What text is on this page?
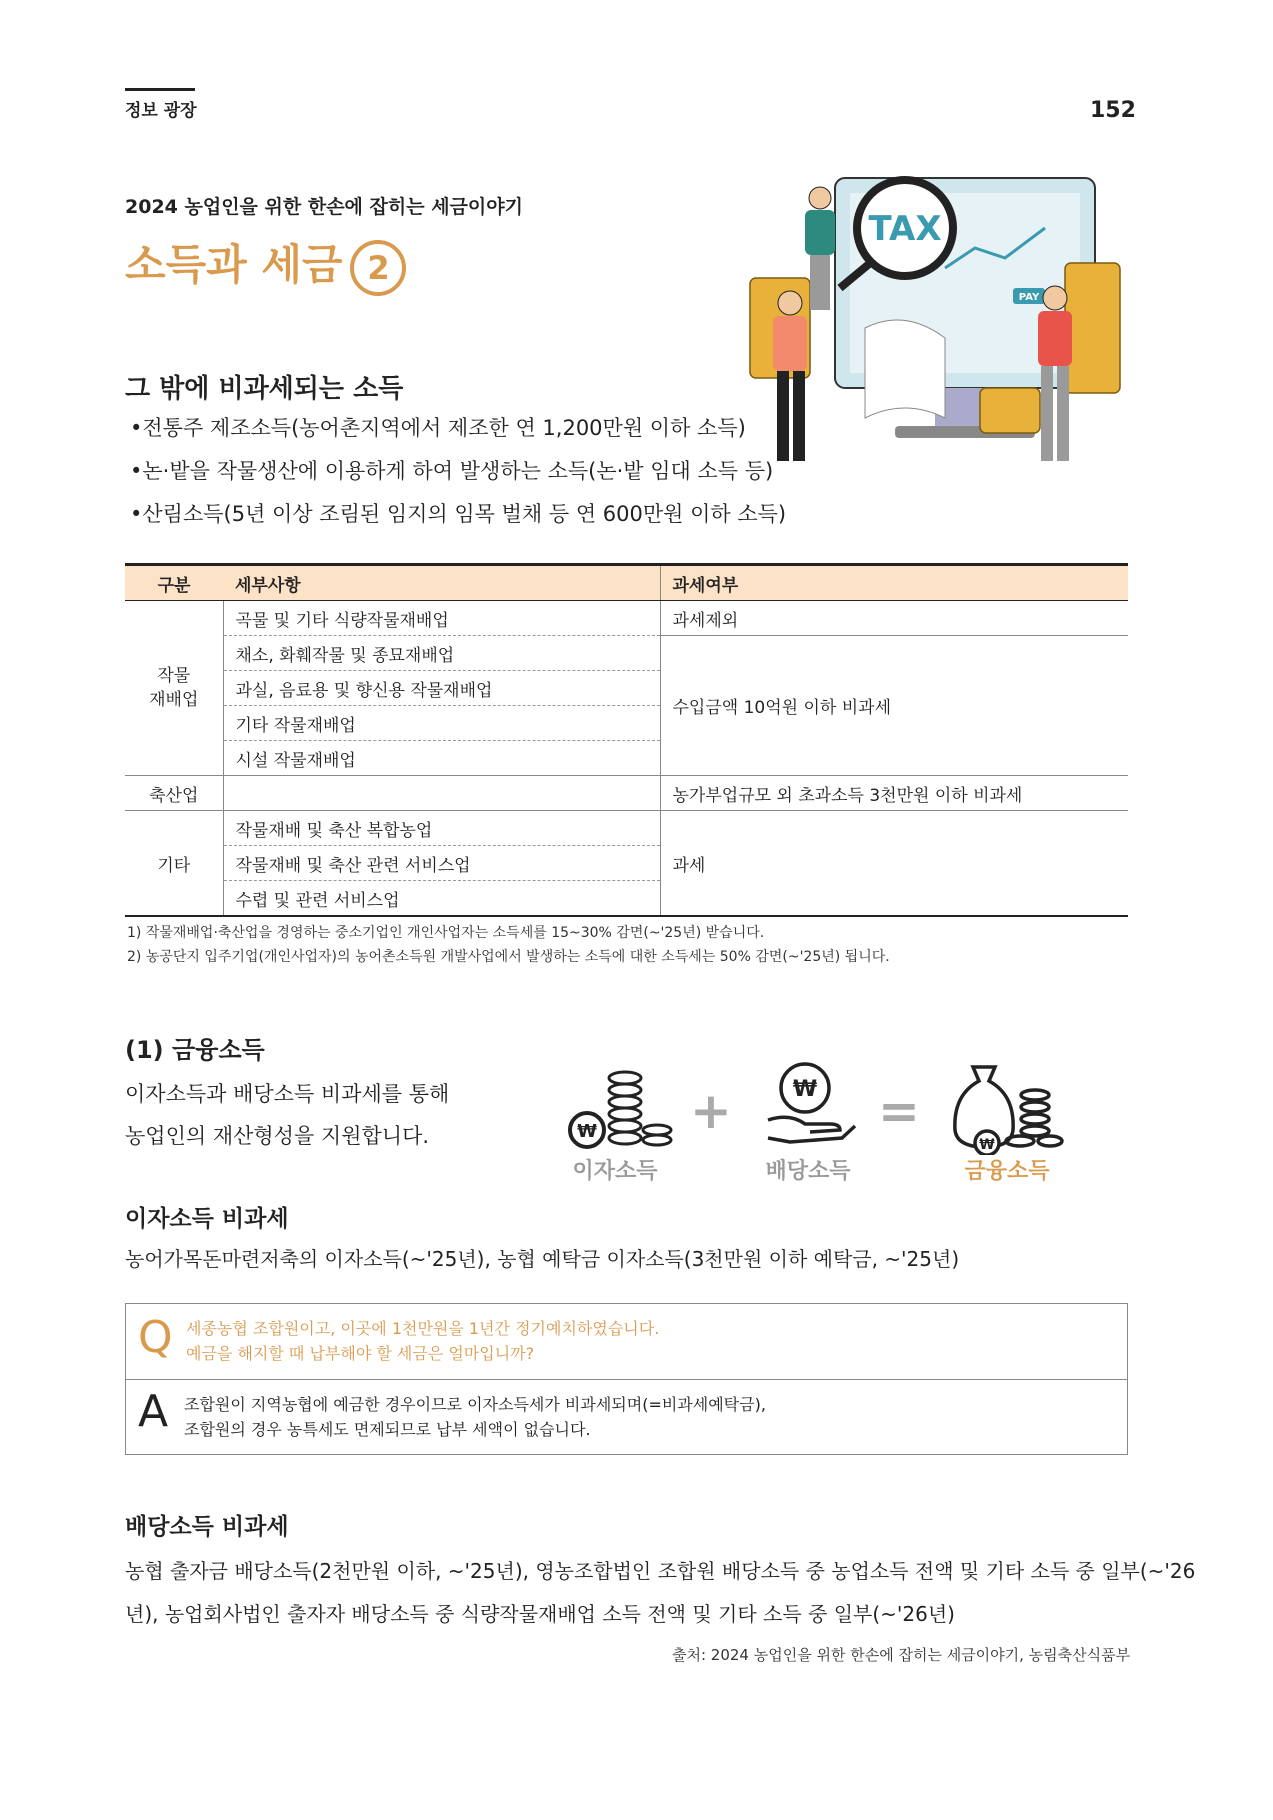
정보 광장	152
2024 농업인을 위한 한손에 잡히는 세금이야기
소득과 세금 2
TAX
PAY
그 밖에 비과세되는 소득
•전통주 제조소득(농어촌지역에서 제조한 연 1,200만원 이하 소득)
•논·밭을 작물생산에 이용하게 하여 발생하는 소득(논·밭 임대 소득 등)
•산림소득(5년 이상 조림된 임지의 임목 벌채 등 연 600만원 이하 소득)
구분	세부사항	과세여부
작물
재배업	곡물 및 기타 식량작물재배업	과세제외
	채소, 화훼작물 및 종묘재배업	수입금액 10억원 이하 비과세
	과실, 음료용 및 향신용 작물재배업	
	기타 작물재배업	
	시설 작물재배업	
축산업		농가부업규모 외 초과소득 3천만원 이하 비과세
기타	작물재배 및 축산 복합농업	과세
	작물재배 및 축산 관련 서비스업	
	수렵 및 관련 서비스업	
1) 작물재배업·축산업을 경영하는 중소기업인 개인사업자는 소득세를 15~30% 감면(~'25년) 받습니다.
2) 농공단지 입주기업(개인사업자)의 농어촌소득원 개발사업에서 발생하는 소득에 대한 소득세는 50% 감면(~'25년) 됩니다.
(1) 금융소득
이자소득과 배당소득 비과세를 통해
농업인의 재산형성을 지원합니다.	₩ +	₩ =
₩
이자소득	배당소득	금융소득
이자소득 비과세
농어가목돈마련저축의 이자소득(~'25년), 농협 예탁금 이자소득(3천만원 이하 예탁금, ~'25년)
Q 세종농협 조합원이고, 이곳에 1천만원을 1년간 정기예치하였습니다.
예금을 해지할 때 납부해야 할 세금은 얼마입니까?
A 조합원이 지역농협에 예금한 경우이므로 이자소득세가 비과세되며(=비과세예탁금),
조합원의 경우 농특세도 면제되므로 납부 세액이 없습니다.
배당소득 비과세
농협 출자금 배당소득(2천만원 이하, ~'25년), 영농조합법인 조합원 배당소득 중 농업소득 전액 및 기타 소득 중 일부(~'26
년), 농업회사법인 출자자 배당소득 중 식량작물재배업 소득 전액 및 기타 소득 중 일부(~'26년)
출처: 2024 농업인을 위한 한손에 잡히는 세금이야기, 농림축산식품부
